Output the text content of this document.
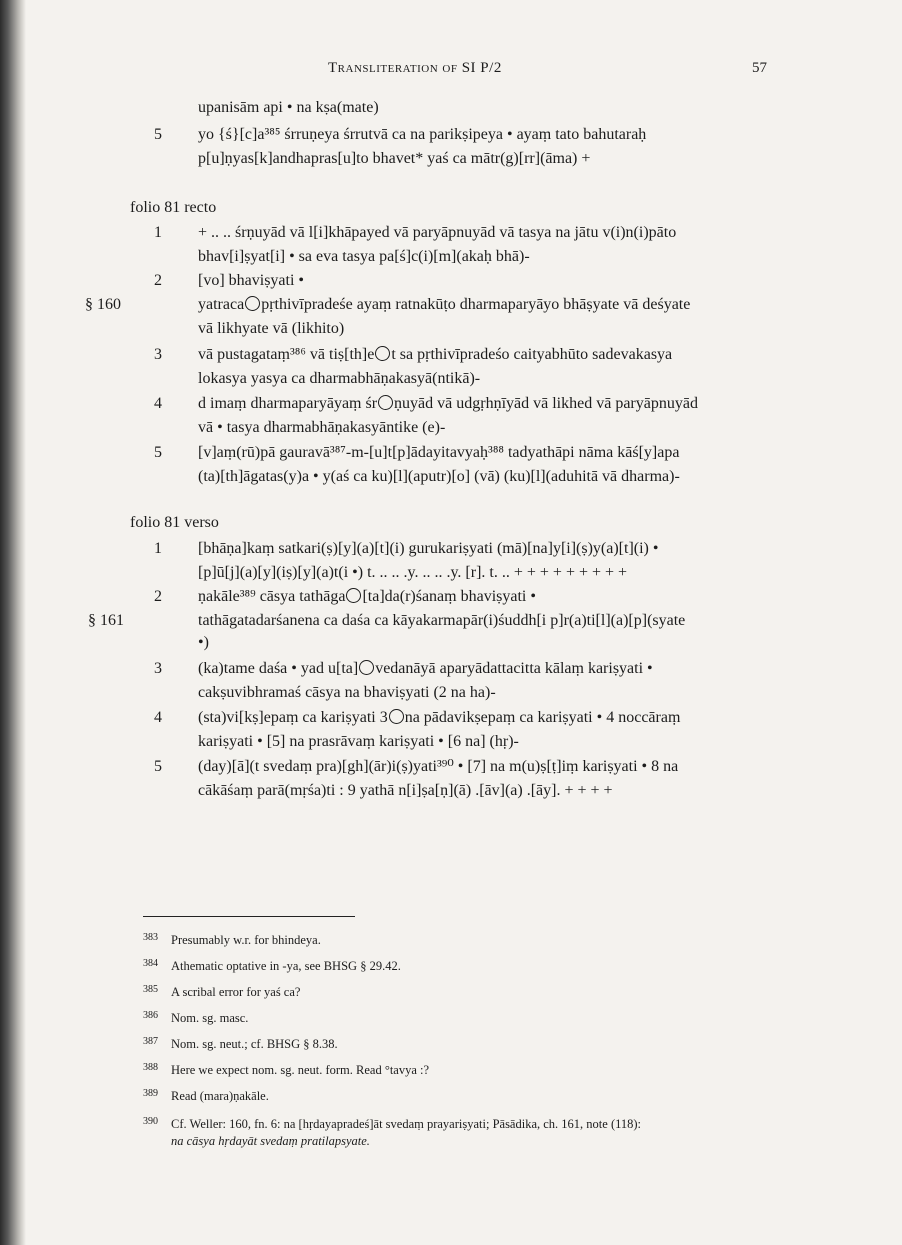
Transliteration of SI P/2	57
upanisām api • na kṣa(mate)
5 yo {ś}[c]a³⁸⁵ śrruṇeya śrrutvā ca na parikṣipeya • ayaṃ tato bahutaraḥ
p[u]ṇyas[k]andhapras[u]to bhavet* yaś ca mātr(g)[rr](āma) +
folio 81 recto
1 + .. .. śrṇuyād vā l[i]khāpayed vā paryāpnuyād vā tasya na jātu v(i)n(i)pāto
bhav[i]ṣyat[i] • sa eva tasya pa[ś]c(i)[m](akaḥ bhā)-
2 [vo] bhaviṣyati •
§ 160	yatraca pṛthivīpradeśe ayaṃ ratnakūṭo dharmaparyāyo bhāṣyate vā deśyate
vā likhyate vā (likhito)
3 vā pustagataṃ³⁸⁶ vā tiṣ[th]e t sa pṛthivīpradeśo caityabhūto sadevakasya
lokasya yasya ca dharmabhāṇakasyā(ntikā)-
4 d imaṃ dharmaparyāyaṃ śr ṇuyād vā udgṛhṇīyād vā likhed vā paryāpnuyād
vā • tasya dharmabhāṇakasyāntike (e)-
5 [v]aṃ(rū)pā gauravā³⁸⁷-m-[u]t[p]ādayitavyaḥ³⁸⁸ tadyathāpi nāma kāś[y]apa
(ta)[th]āgatas(y)a • y(aś ca ku)[l](aputr)[o] (vā) (ku)[l](aduhitā vā dharma)-
folio 81 verso
1 [bhāṇa]kaṃ satkari(ṣ)[y](a)[t](i) gurukariṣyati (mā)[na]y[i](ṣ)y(a)[t](i) •
[p]ū[j](a)[y](iṣ)[y](a)t(i •) t. .. .. .y. .. .. .y. [r]. t. .. + + + + + + + + +
2 ṇakāle³⁸⁹ cāsya tathāga [ta]da(r)śanaṃ bhaviṣyati •
§ 161	tathāgatadarśanena ca daśa ca kāyakarmapār(i)śuddh[i p]r(a)ti[l](a)[p](syate
•)
3 (ka)tame daśa • yad u[ta] vedanāyā aparyādattacitta kālaṃ kariṣyati •
cakṣuvibhramaś cāsya na bhaviṣyati (2 na ha)-
4 (sta)vi[kṣ]epaṃ ca kariṣyati 3 na pādavikṣepaṃ ca kariṣyati • 4 noccāraṃ
kariṣyati • [5] na prasrāvaṃ kariṣyati • [6 na] (hṛ)-
5 (day)[ā](t svedaṃ pra)[gh](ār)i(ṣ)yati³⁹⁰ • [7] na m(u)ṣ[ṭ]iṃ kariṣyati • 8 na
cākāśaṃ parā(mṛśa)ti : 9 yathā n[i]ṣa[ṇ](ā) .[āv](a) .[āy]. + + + +
383 Presumably w.r. for bhindeya.
384 Athematic optative in -ya, see BHSG § 29.42.
385 A scribal error for yaś ca?
386 Nom. sg. masc.
387 Nom. sg. neut.; cf. BHSG § 8.38.
388 Here we expect nom. sg. neut. form. Read °tavya :?
389 Read (mara)ṇakāle.
390 Cf. Weller: 160, fn. 6: na [hṛdayapradeś]āt svedaṃ prayariṣyati; Pāsādika, ch. 161, note (118):
na cāsya hṛdayāt svedaṃ pratilapsyate.
